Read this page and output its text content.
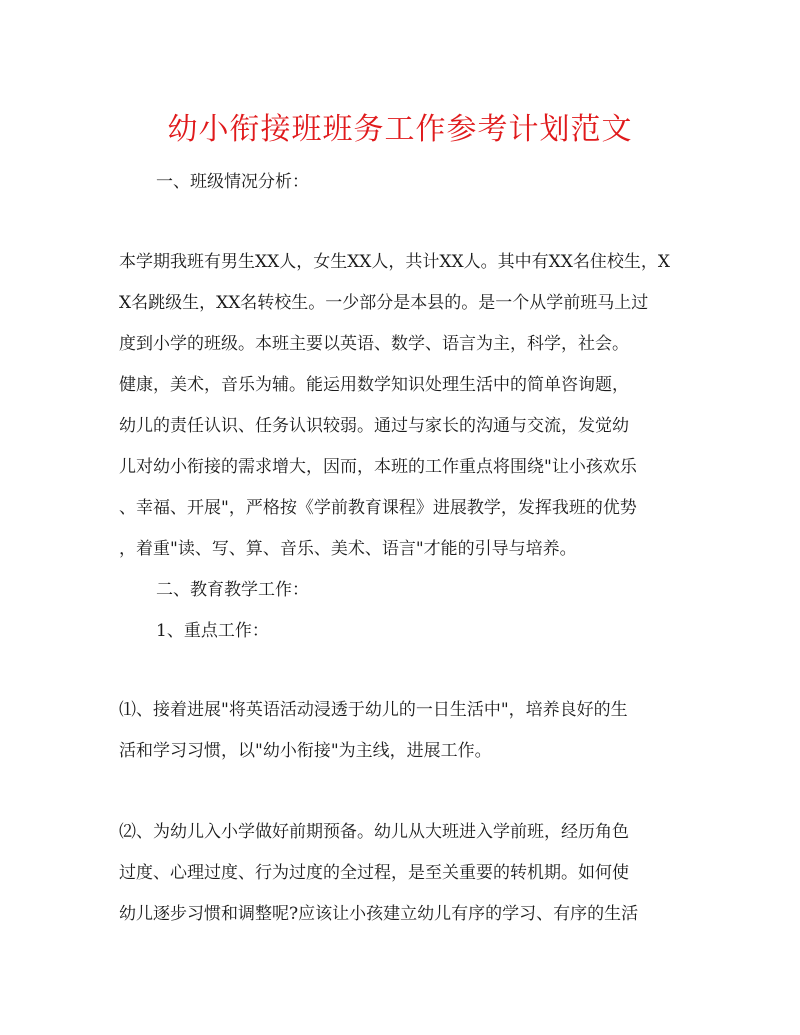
幼小衔接班班务工作参考计划范文
一、班级情况分析：
本学期我班有男生XX人，女生XX人，共计XX人。其中有XX名住校生，X
X名跳级生，XX名转校生。一少部分是本县的。是一个从学前班马上过
度到小学的班级。本班主要以英语、数学、语言为主，科学，社会。
健康，美术，音乐为辅。能运用数学知识处理生活中的简单咨询题，
幼儿的责任认识、任务认识较弱。通过与家长的沟通与交流，发觉幼
儿对幼小衔接的需求增大，因而，本班的工作重点将围绕"让小孩欢乐
、幸福、开展"，严格按《学前教育课程》进展教学，发挥我班的优势
，着重"读、写、算、音乐、美术、语言"才能的引导与培养。
二、教育教学工作：
1、重点工作：
⑴、接着进展"将英语活动浸透于幼儿的一日生活中"，培养良好的生
活和学习习惯，以"幼小衔接"为主线，进展工作。
⑵、为幼儿入小学做好前期预备。幼儿从大班进入学前班，经历角色
过度、心理过度、行为过度的全过程，是至关重要的转机期。如何使
幼儿逐步习惯和调整呢?应该让小孩建立幼儿有序的学习、有序的生活
